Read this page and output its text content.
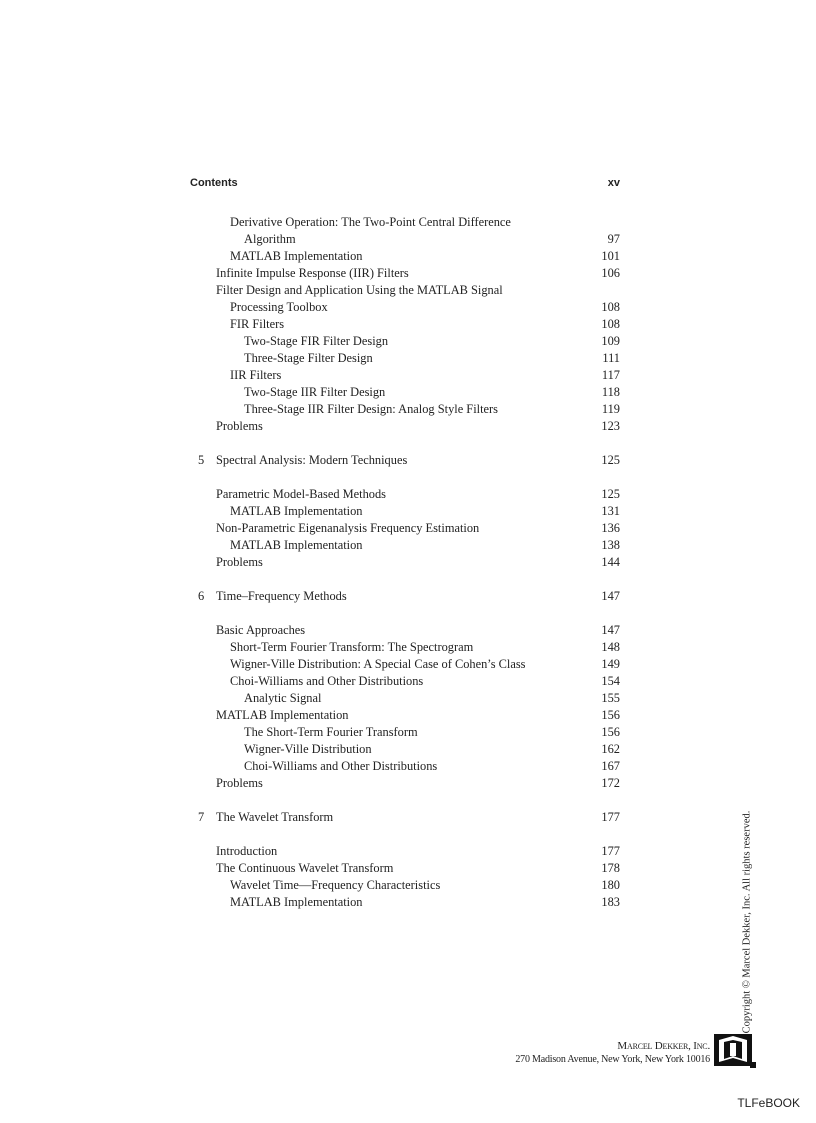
Contents	xv
Derivative Operation: The Two-Point Central Difference
Algorithm	97
MATLAB Implementation	101
Infinite Impulse Response (IIR) Filters	106
Filter Design and Application Using the MATLAB Signal
Processing Toolbox	108
FIR Filters	108
Two-Stage FIR Filter Design	109
Three-Stage Filter Design	111
IIR Filters	117
Two-Stage IIR Filter Design	118
Three-Stage IIR Filter Design: Analog Style Filters	119
Problems	123
5 Spectral Analysis: Modern Techniques	125
Parametric Model-Based Methods	125
MATLAB Implementation	131
Non-Parametric Eigenanalysis Frequency Estimation	136
MATLAB Implementation	138
Problems	144
6 Time–Frequency Methods	147
Basic Approaches	147
Short-Term Fourier Transform: The Spectrogram	148
Wigner-Ville Distribution: A Special Case of Cohen’s Class	149
Choi-Williams and Other Distributions	154
Analytic Signal	155
MATLAB Implementation	156
The Short-Term Fourier Transform	156
Wigner-Ville Distribution	162
Choi-Williams and Other Distributions	167
Problems	172
7 The Wavelet Transform	177
Introduction	177
The Continuous Wavelet Transform	178
Wavelet Time—Frequency Characteristics	180
MATLAB Implementation	183	Copyright © Marcel Dekker, Inc. All rights reserved.
Marcel Dekker, Inc.
270 Madison Avenue, New York, New York 10016
TLFeBOOK
